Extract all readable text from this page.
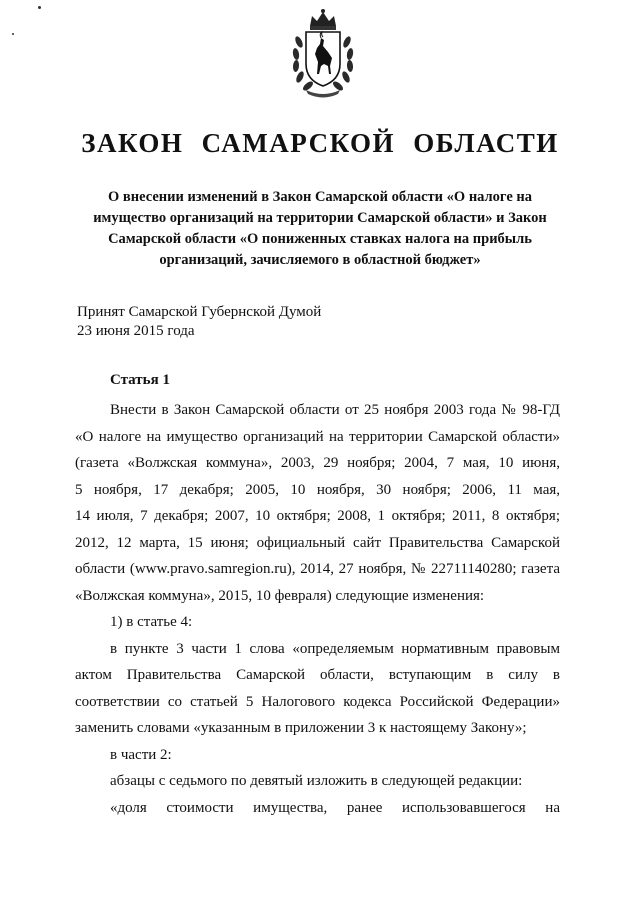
ЗАКОН САМАРСКОЙ ОБЛАСТИ
О внесении изменений в Закон Самарской области «О налоге на
имущество организаций на территории Самарской области» и Закон
Самарской области «О пониженных ставках налога на прибыль
организаций, зачисляемого в областной бюджет»
Принят Самарской Губернской Думой
23 июня 2015 года
Статья 1
Внести в Закон Самарской области от 25 ноября 2003 года № 98-ГД
«О налоге на имущество организаций на территории Самарской области»
(газета «Волжская коммуна», 2003, 29 ноября; 2004, 7 мая, 10 июня,
5 ноября, 17 декабря; 2005, 10 ноября, 30 ноября; 2006, 11 мая,
14 июля, 7 декабря; 2007, 10 октября; 2008, 1 октября; 2011, 8 октября;
2012, 12 марта, 15 июня; официальный сайт Правительства Самарской
области (www.pravo.samregion.ru), 2014, 27 ноября, № 22711140280; газета
«Волжская коммуна», 2015, 10 февраля) следующие изменения:
1) в статье 4:
в пункте 3 части 1 слова «определяемым нормативным правовым
актом Правительства Самарской области, вступающим в силу в
соответствии со статьей 5 Налогового кодекса Российской Федерации»
заменить словами «указанным в приложении 3 к настоящему Закону»;
в части 2:
абзацы с седьмого по девятый изложить в следующей редакции:
«доля стоимости имущества, ранее использовавшегося на
